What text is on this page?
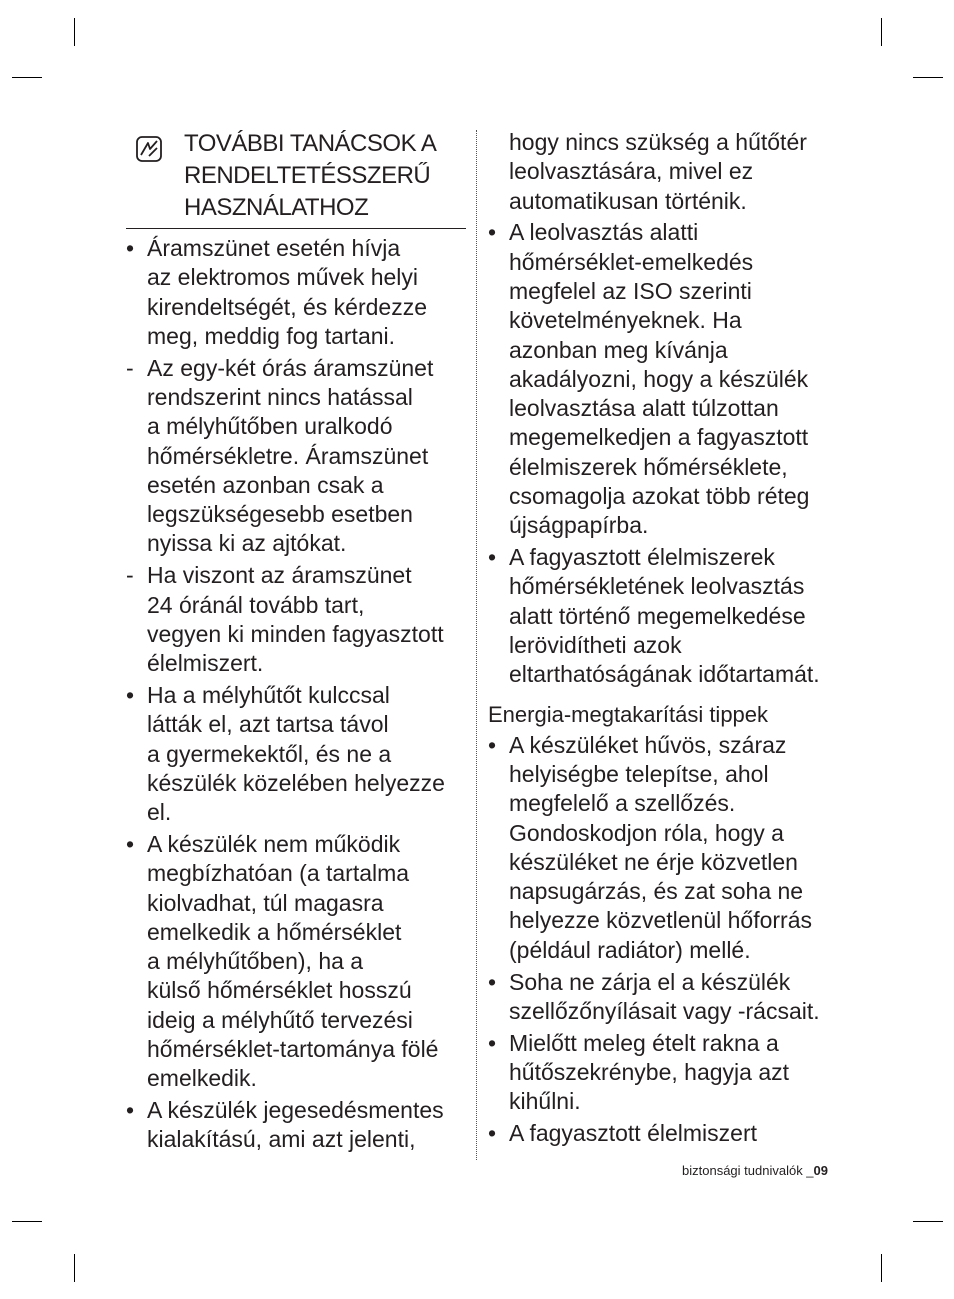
TOVÁBBI TANÁCSOK A
RENDELTETÉSSZERŰ
HASZNÁLATHOZ
• Áramszünet esetén hívja
az elektromos művek helyi
kirendeltségét, és kérdezze
meg, meddig fog tartani.
- Az egy-két órás áramszünet
rendszerint nincs hatással
a mélyhűtőben uralkodó
hőmérsékletre. Áramszünet
esetén azonban csak a
legszükségesebb esetben
nyissa ki az ajtókat.
- Ha viszont az áramszünet
24 óránál tovább tart,
vegyen ki minden fagyasztott
élelmiszert.
• Ha a mélyhűtőt kulccsal
látták el, azt tartsa távol
a gyermekektől, és ne a
készülék közelében helyezze
el.
• A készülék nem működik
megbízhatóan (a tartalma
kiolvadhat, túl magasra
emelkedik a hőmérséklet
a mélyhűtőben), ha a
külső hőmérséklet hosszú
ideig a mélyhűtő tervezési
hőmérséklet-tartománya fölé
emelkedik.
• A készülék jegesedésmentes
kialakítású, ami azt jelenti,
hogy nincs szükség a hűtőtér
leolvasztására, mivel ez
automatikusan történik.
• A leolvasztás alatti
hőmérséklet-emelkedés
megfelel az ISO szerinti
követelményeknek. Ha
azonban meg kívánja
akadályozni, hogy a készülék
leolvasztása alatt túlzottan
megemelkedjen a fagyasztott
élelmiszerek hőmérséklete,
csomagolja azokat több réteg
újságpapírba.
• A fagyasztott élelmiszerek
hőmérsékletének leolvasztás
alatt történő megemelkedése
lerövidítheti azok
eltarthatóságának időtartamát.
Energia-megtakarítási tippek
• A készüléket hűvös, száraz
helyiségbe telepítse, ahol
megfelelő a szellőzés.
Gondoskodjon róla, hogy a
készüléket ne érje közvetlen
napsugárzás, és zat soha ne
helyezze közvetlenül hőforrás
(például radiátor) mellé.
• Soha ne zárja el a készülék
szellőzőnyílásait vagy -rácsait.
• Mielőtt meleg ételt rakna a
hűtőszekrénybe, hagyja azt
kihűlni.
• A fagyasztott élelmiszert
biztonsági tudnivalók _09
